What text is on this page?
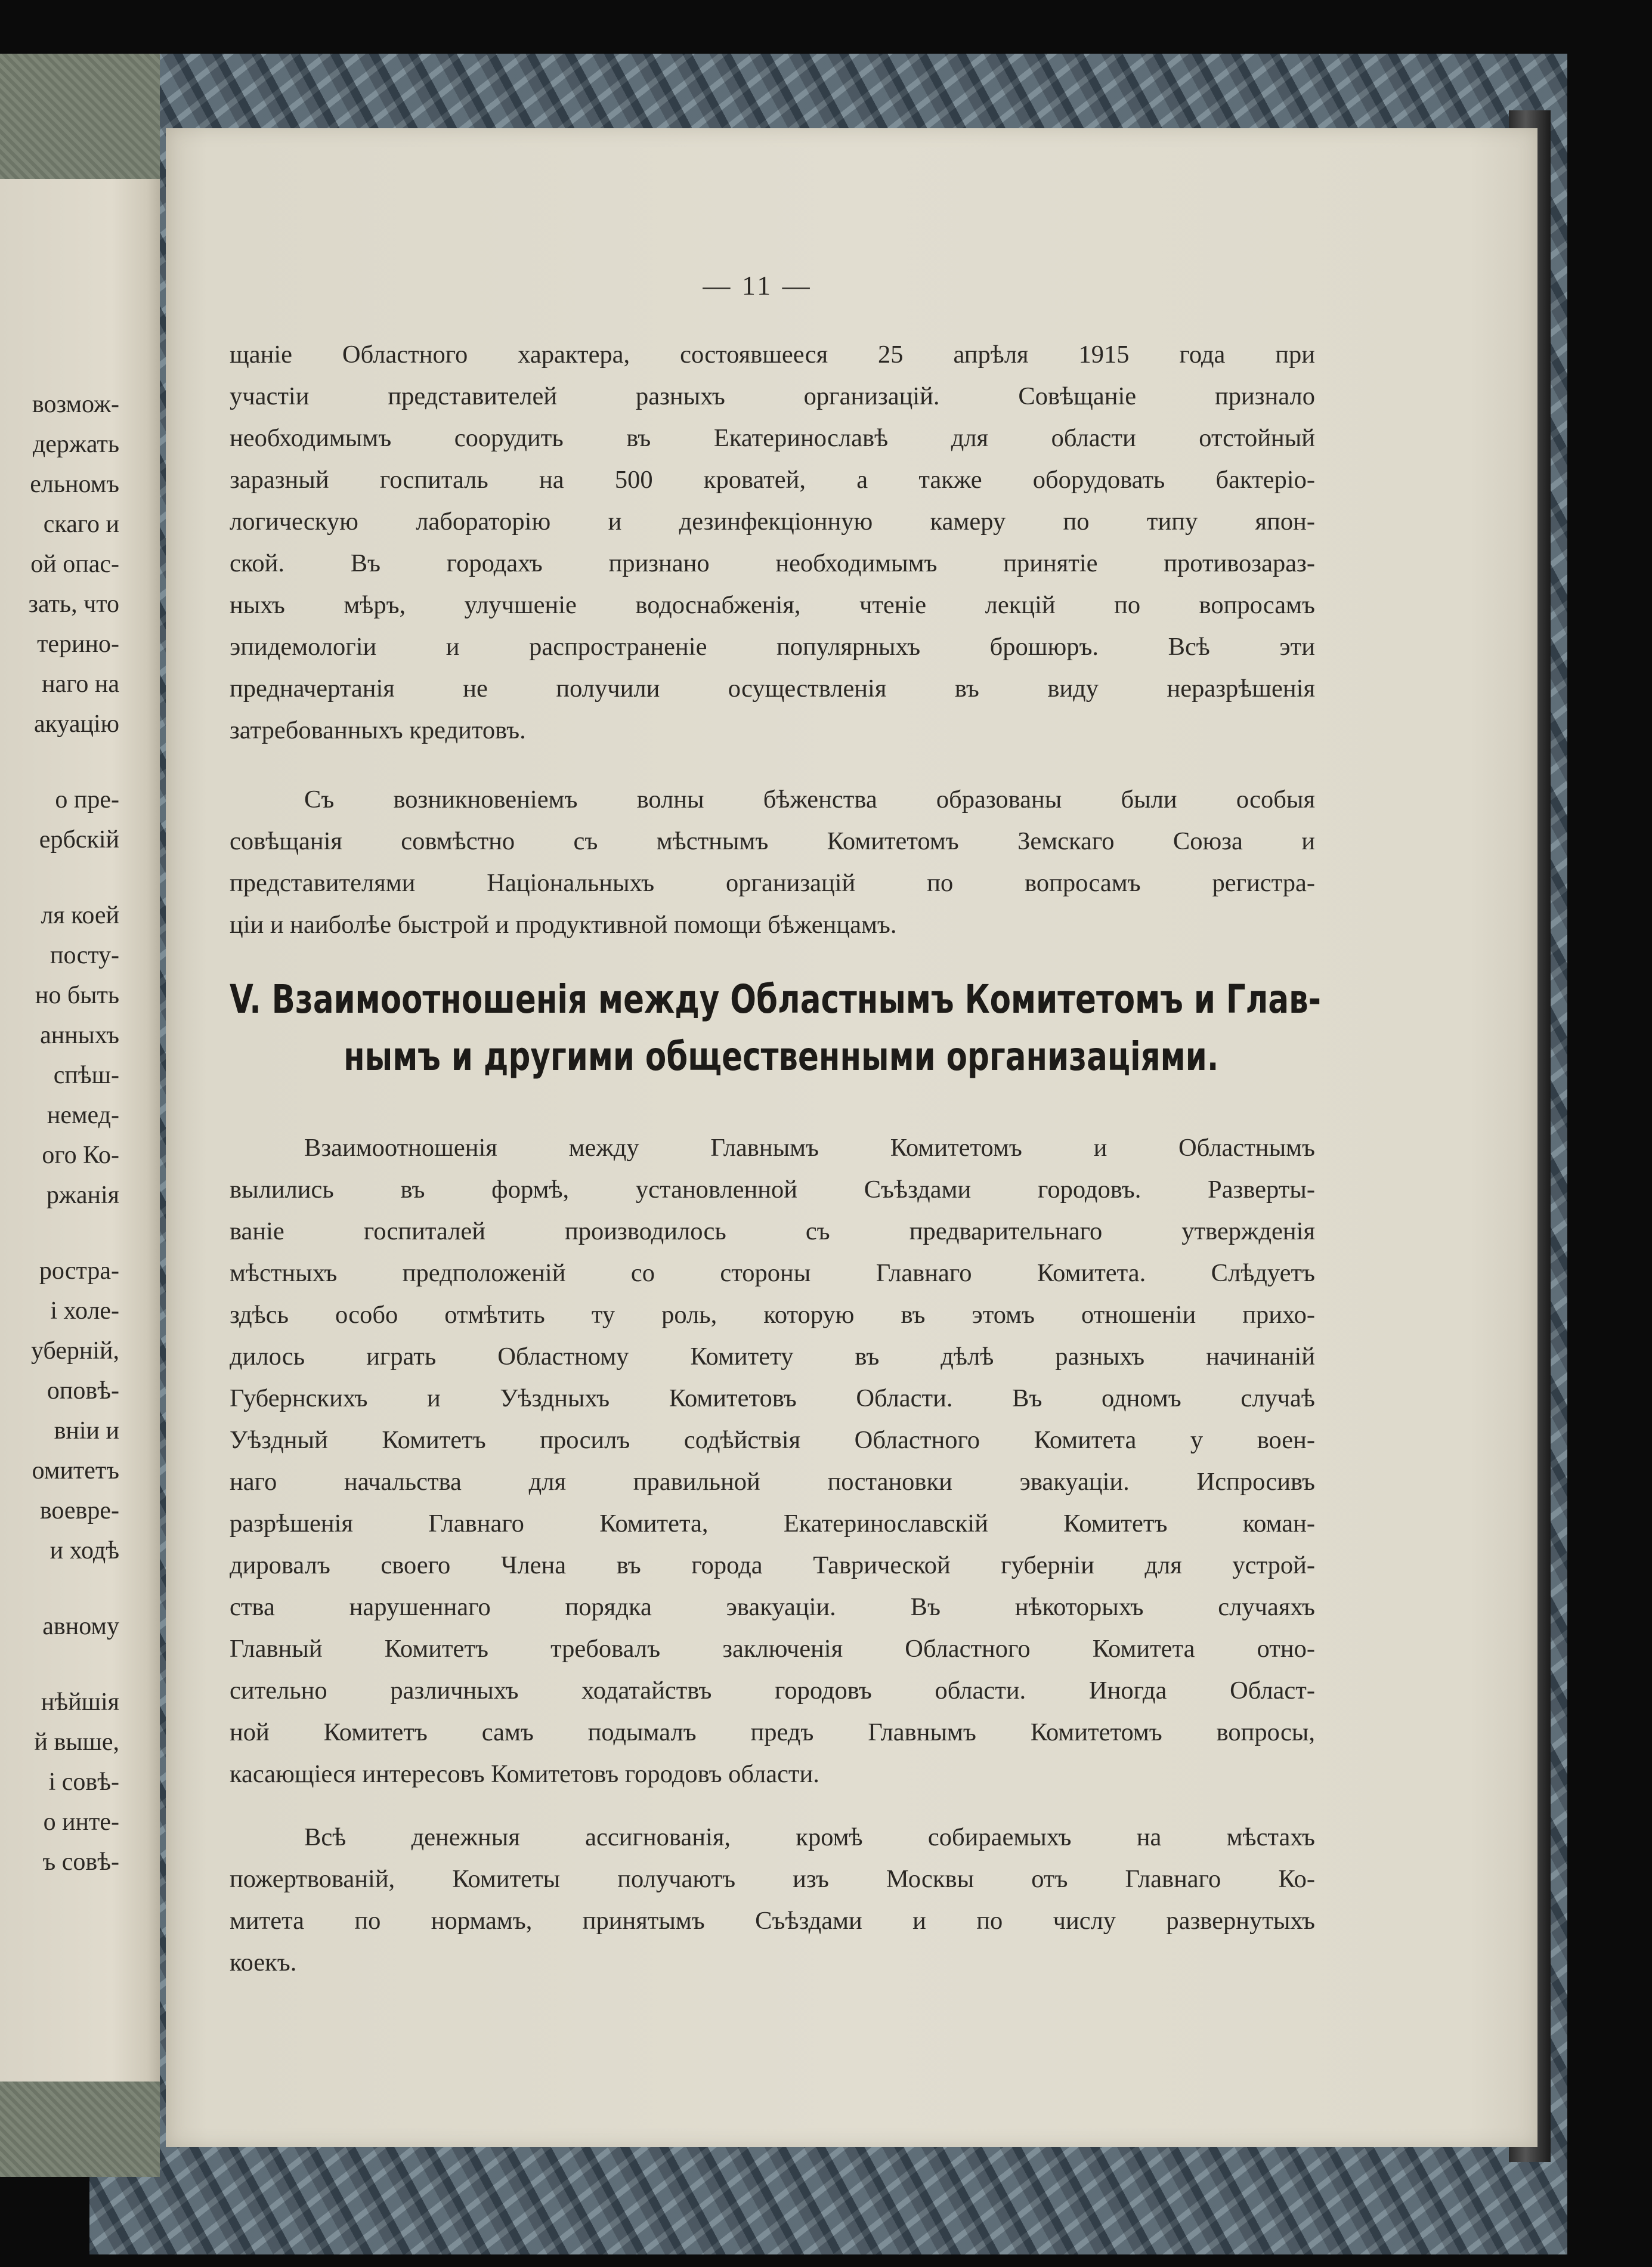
возмож-
держать
ельномъ
скаго и
ой опас-
зать, что
терино-
наго на
акуацію
о пре-
ербскій
ля коей
посту-
но быть
анныхъ
спѣш-
немед-
ого Ко-
ржанія
рострa-
і холе-
уберній,
оповѣ-
вніи и
омитетъ
воевре-
и ходѣ
авному
нѣйшія
й выше,
і совѣ-
о инте-
ъ совѣ-
— 11 —
щаніе Областного характера, состоявшееся 25 апрѣля 1915 года при
участіи представителей разныхъ организацій. Совѣщаніе признало
необходимымъ соорудить въ Екатеринославѣ для области отстойный
заразный госпиталь на 500 кроватей, а также оборудовать бактеріо-
логическую лабораторію и дезинфекціонную камеру по типу япон-
ской. Въ городахъ признано необходимымъ принятіе противозараз-
ныхъ мѣръ, улучшеніе водоснабженія, чтеніе лекцій по вопросамъ
эпидемологіи и распространеніе популярныхъ брошюръ. Всѣ эти
предначертанія не получили осуществленія въ виду неразрѣшенія
затребованныхъ кредитовъ.
Съ возникновеніемъ волны бѣженства образованы были особыя
совѣщанія совмѣстно съ мѣстнымъ Комитетомъ Земскаго Союза и
представителями Національныхъ организацій по вопросамъ регистра-
ціи и наиболѣе быстрой и продуктивной помощи бѣженцамъ.
V. Взаимоотношенія между Областнымъ Комитетомъ и Глав-
нымъ и другими общественными организаціями.
Взаимоотношенія между Главнымъ Комитетомъ и Областнымъ
вылились въ формѣ, установленной Съѣздами городовъ. Разверты-
ваніе госпиталей производилось съ предварительнаго утвержденія
мѣстныхъ предположеній со стороны Главнаго Комитета. Слѣдуетъ
здѣсь особо отмѣтить ту роль, которую въ этомъ отношеніи прихо-
дилось играть Областному Комитету въ дѣлѣ разныхъ начинаній
Губернскихъ и Уѣздныхъ Комитетовъ Области. Въ одномъ случаѣ
Уѣздный Комитетъ просилъ содѣйствія Областного Комитета у воен-
наго начальства для правильной постановки эвакуаціи. Испросивъ
разрѣшенія Главнаго Комитета, Екатеринославскій Комитетъ коман-
дировалъ своего Члена въ города Таврической губерніи для устрой-
ства нарушеннаго порядка эвакуаціи. Въ нѣкоторыхъ случаяхъ
Главный Комитетъ требовалъ заключенія Областного Комитета отно-
сительно различныхъ ходатайствъ городовъ области. Иногда Област-
ной Комитетъ самъ подымалъ предъ Главнымъ Комитетомъ вопросы,
касающіеся интересовъ Комитетовъ городовъ области.
Всѣ денежныя ассигнованія, кромѣ собираемыхъ на мѣстахъ
пожертвованій, Комитеты получаютъ изъ Москвы отъ Главнаго Ко-
митета по нормамъ, принятымъ Съѣздами и по числу развернутыхъ
коекъ.
